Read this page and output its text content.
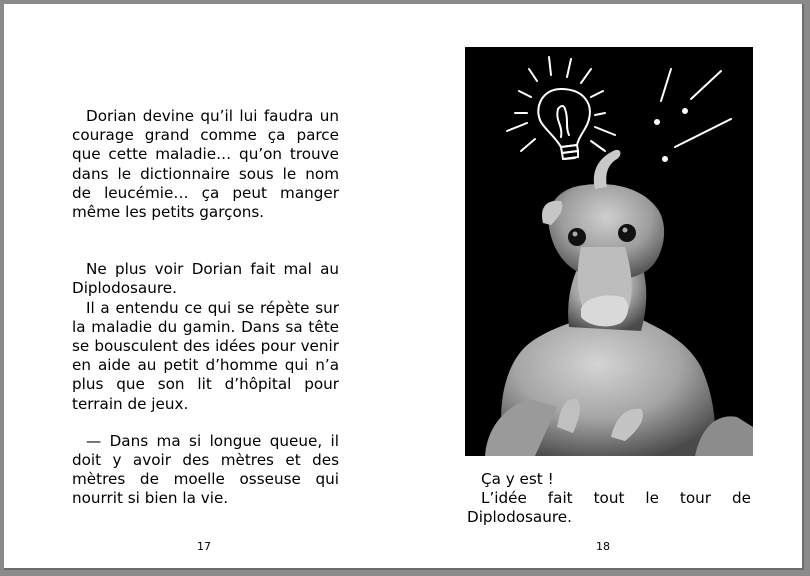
Dorian devine qu’il lui faudra un courage grand comme ça parce que cette maladie… qu’on trouve dans le dictionnaire sous le nom de leucémie… ça peut manger même les petits garçons.

Ne plus voir Dorian fait mal au Diplodosaure.

Il a entendu ce qui se répète sur la maladie du gamin. Dans sa tête se bousculent des idées pour venir en aide au petit d’homme qui n’a plus que son lit d’hôpital pour terrain de jeux.

— Dans ma si longue queue, il doit y avoir des mètres et des mètres de moelle osseuse qui nourrit si bien la vie.

17
Ça y est !
L’idée fait tout le tour de Diplodosaure.
18
